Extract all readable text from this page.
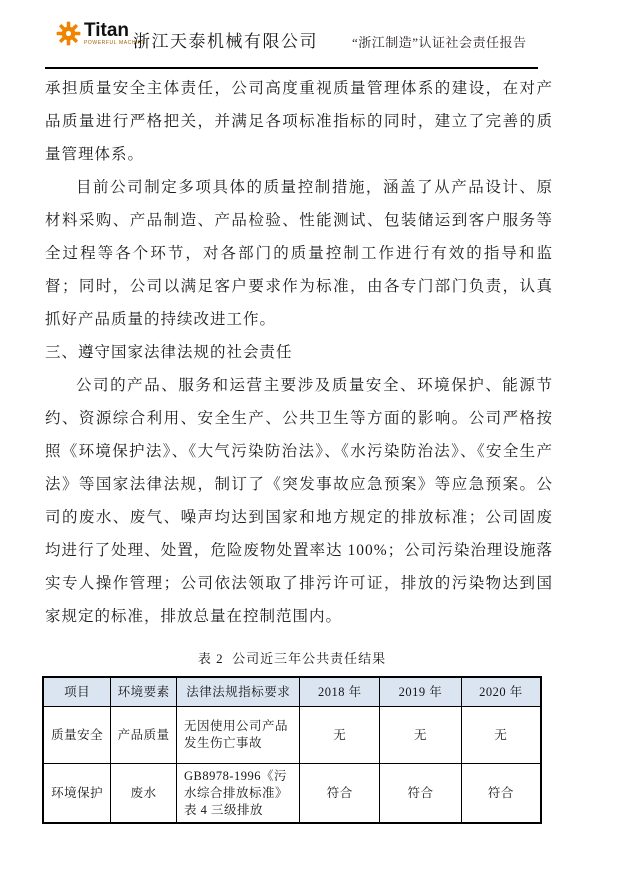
Titan
POWERFUL MACHINE
浙江天泰机械有限公司	“浙江制造”认证社会责任报告

承担质量安全主体责任，公司高度重视质量管理体系的建设，在对产品质量进行严格把关，并满足各项标准指标的同时，建立了完善的质量管理体系。

目前公司制定多项具体的质量控制措施，涵盖了从产品设计、原材料采购、产品制造、产品检验、性能测试、包装储运到客户服务等全过程等各个环节，对各部门的质量控制工作进行有效的指导和监督；同时，公司以满足客户要求作为标准，由各专门部门负责，认真抓好产品质量的持续改进工作。

三、遵守国家法律法规的社会责任

公司的产品、服务和运营主要涉及质量安全、环境保护、能源节约、资源综合利用、安全生产、公共卫生等方面的影响。公司严格按照《环境保护法》、《大气污染防治法》、《水污染防治法》、《安全生产法》等国家法律法规，制订了《突发事故应急预案》等应急预案。公司的废水、废气、噪声均达到国家和地方规定的排放标准；公司固废均进行了处理、处置，危险废物处置率达 100%；公司污染治理设施落实专人操作管理；公司依法领取了排污许可证，排放的污染物达到国家规定的标准，排放总量在控制范围内。

表 2  公司近三年公共责任结果
项目	环境要素	法律法规指标要求	2018 年	2019 年	2020 年
质量安全	产品质量	无因使用公司产品发生伤亡事故	无	无	无
环境保护	废水	GB8978-1996《污水综合排放标准》表 4 三级排放	符合	符合	符合
